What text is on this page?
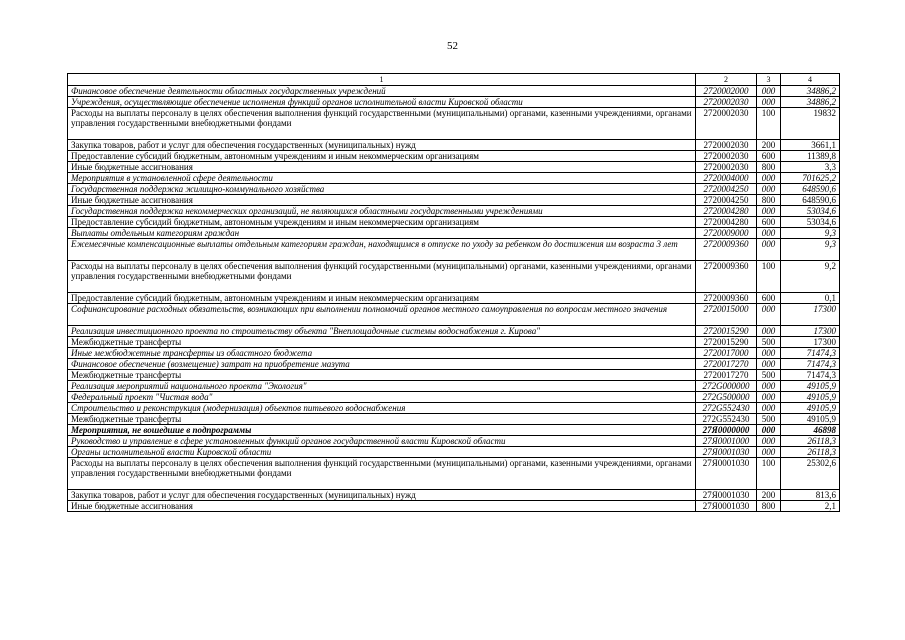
52
1	2	3	4
Финансовое обеспечение деятельности областных государственных учреждений	2720002000	000	34886,2
Учреждения, осуществляющие обеспечение исполнения функций органов исполнительной власти Кировской области	2720002030	000	34886,2
Расходы на выплаты персоналу в целях обеспечения выполнения функций государственными (муниципальными) органами, казенными учреждениями, органами управления государственными внебюджетными фондами	2720002030	100	19832
Закупка товаров, работ и услуг для обеспечения государственных (муниципальных) нужд	2720002030	200	3661,1
Предоставление субсидий бюджетным, автономным учреждениям и иным некоммерческим организациям	2720002030	600	11389,8
Иные бюджетные ассигнования	2720002030	800	3,3
Мероприятия в установленной сфере деятельности	2720004000	000	701625,2
Государственная поддержка жилищно-коммунального хозяйства	2720004250	000	648590,6
Иные бюджетные ассигнования	2720004250	800	648590,6
Государственная поддержка некоммерческих организаций, не являющихся областными государственными учреждениями	2720004280	000	53034,6
Предоставление субсидий бюджетным, автономным учреждениям и иным некоммерческим организациям	2720004280	600	53034,6
Выплаты отдельным категориям граждан	2720009000	000	9,3
Ежемесячные компенсационные выплаты отдельным категориям граждан, находящимся в отпуске по уходу за ребенком до достижения им возраста 3 лет	2720009360	000	9,3
Расходы на выплаты персоналу в целях обеспечения выполнения функций государственными (муниципальными) органами, казенными учреждениями, органами управления государственными внебюджетными фондами	2720009360	100	9,2
Предоставление субсидий бюджетным, автономным учреждениям и иным некоммерческим организациям	2720009360	600	0,1
Софинансирование расходных обязательств, возникающих при выполнении полномочий органов местного самоуправления по вопросам местного значения	2720015000	000	17300
Реализация инвестиционного проекта по строительству объекта "Внеплощадочные системы водоснабжения г. Кирова"	2720015290	000	17300
Межбюджетные трансферты	2720015290	500	17300
Иные межбюджетные трансферты из областного бюджета	2720017000	000	71474,3
Финансовое обеспечение (возмещение) затрат на приобретение мазута	2720017270	000	71474,3
Межбюджетные трансферты	2720017270	500	71474,3
Реализация мероприятий национального проекта "Экология"	272G000000	000	49105,9
Федеральный проект "Чистая вода"	272G500000	000	49105,9
Строительство и реконструкция (модернизация) объектов питьевого водоснабжения	272G552430	000	49105,9
Межбюджетные трансферты	272G552430	500	49105,9
Мероприятия, не вошедшие в подпрограммы	27Я0000000	000	46898
Руководство и управление в сфере установленных функций органов государственной власти Кировской области	27Я0001000	000	26118,3
Органы исполнительной власти Кировской области	27Я0001030	000	26118,3
Расходы на выплаты персоналу в целях обеспечения выполнения функций государственными (муниципальными) органами, казенными учреждениями, органами управления государственными внебюджетными фондами	27Я0001030	100	25302,6
Закупка товаров, работ и услуг для обеспечения государственных (муниципальных) нужд	27Я0001030	200	813,6
Иные бюджетные ассигнования	27Я0001030	800	2,1
